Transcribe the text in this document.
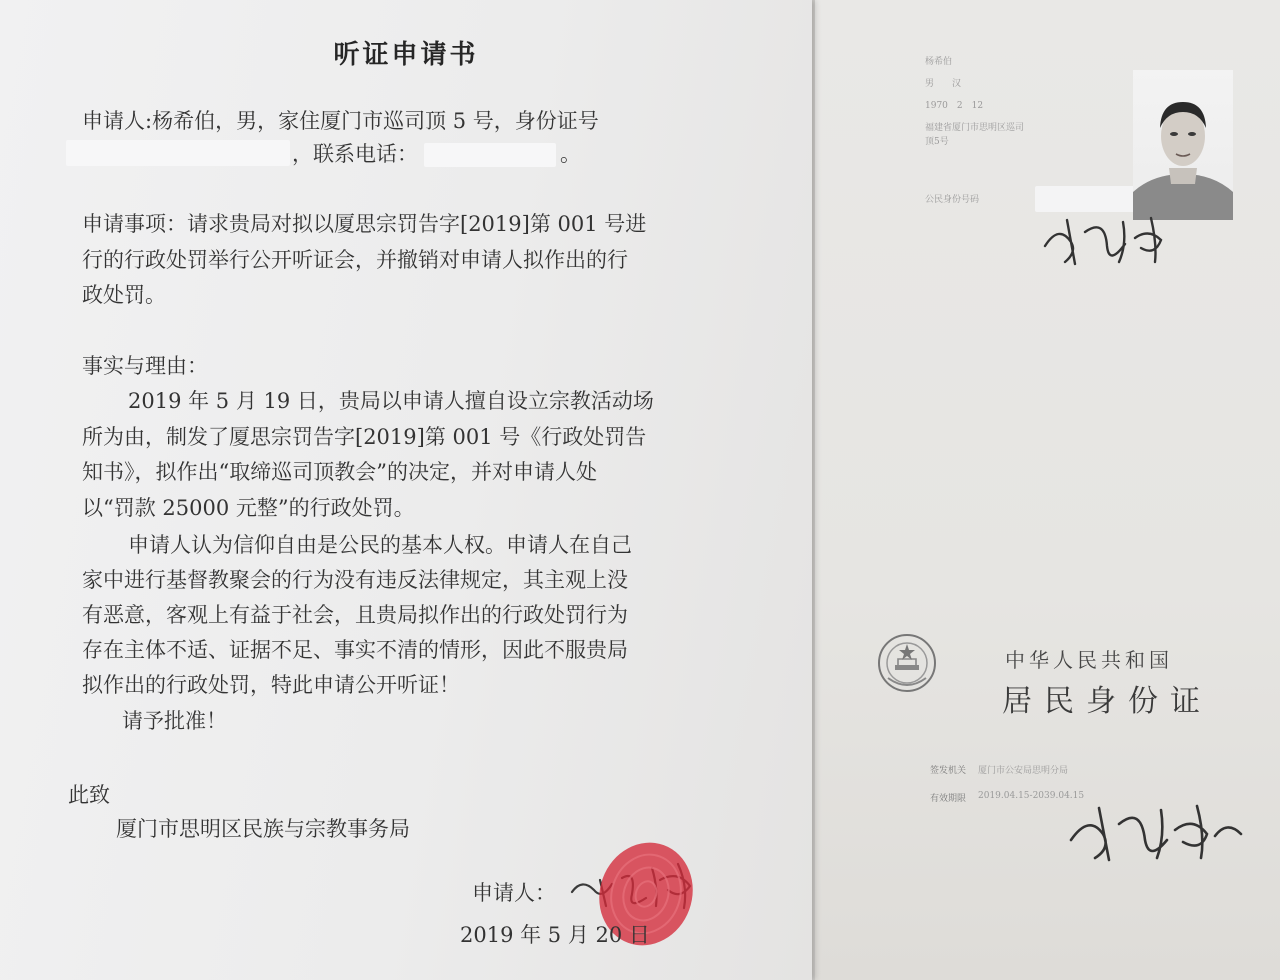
听证申请书
申请人:杨希伯，男，家住厦门市巡司顶 5 号，身份证号
，联系电话：	。
申请事项：请求贵局对拟以厦思宗罚告字[2019]第 001 号进
行的行政处罚举行公开听证会，并撤销对申请人拟作出的行
政处罚。
事实与理由：
2019 年 5 月 19 日，贵局以申请人擅自设立宗教活动场
所为由，制发了厦思宗罚告字[2019]第 001 号《行政处罚告
知书》，拟作出“取缔巡司顶教会”的决定，并对申请人处
以“罚款 25000 元整”的行政处罚。
申请人认为信仰自由是公民的基本人权。申请人在自己
家中进行基督教聚会的行为没有违反法律规定，其主观上没
有恶意，客观上有益于社会，且贵局拟作出的行政处罚行为
存在主体不适、证据不足、事实不清的情形，因此不服贵局
拟作出的行政处罚，特此申请公开听证！
请予批准！
此致
厦门市思明区民族与宗教事务局
申请人：
2019 年 5 月 20 日
杨希伯
男　　汉
1970　2　12
福建省厦门市思明区巡司
顶5号
公民身份号码
中华人民共和国
居民身份证
签发机关 厦门市公安局思明分局
有效期限 2019.04.15-2039.04.15
